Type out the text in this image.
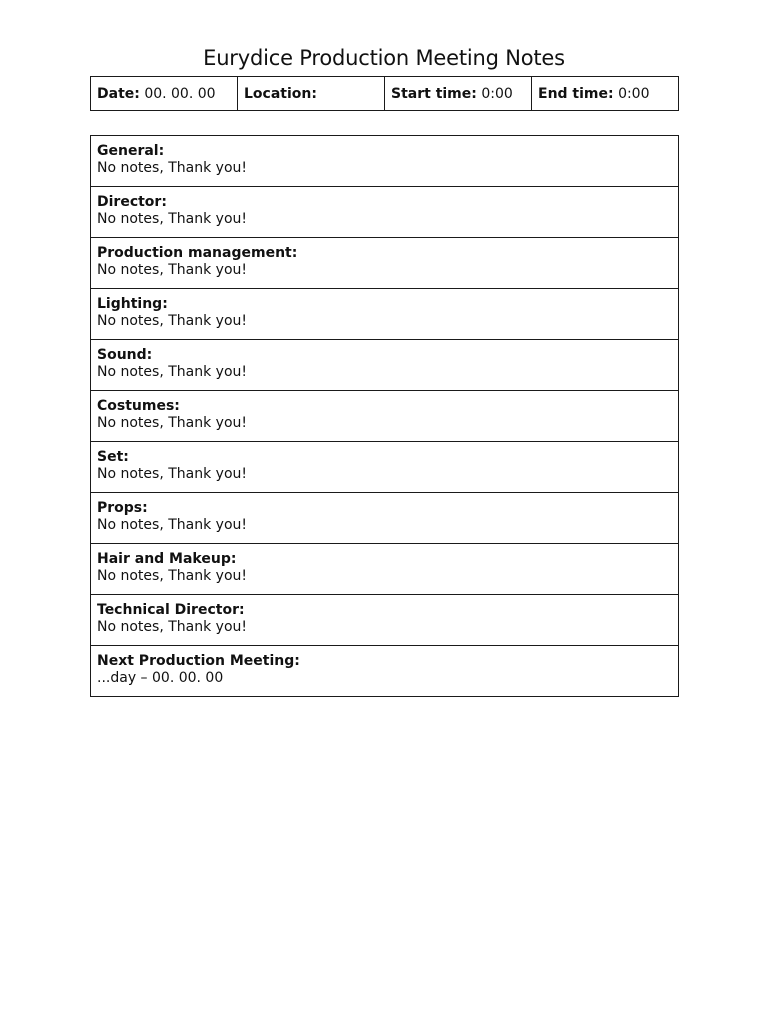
Eurydice Production Meeting Notes
Date: 00. 00. 00	Location:	Start time: 0:00	End time: 0:00
General:
No notes, Thank you!

Director:
No notes, Thank you!

Production management:
No notes, Thank you!

Lighting:
No notes, Thank you!

Sound:
No notes, Thank you!

Costumes:
No notes, Thank you!

Set:
No notes, Thank you!

Props:
No notes, Thank you!

Hair and Makeup:
No notes, Thank you!

Technical Director:
No notes, Thank you!

Next Production Meeting:
...day – 00. 00. 00
